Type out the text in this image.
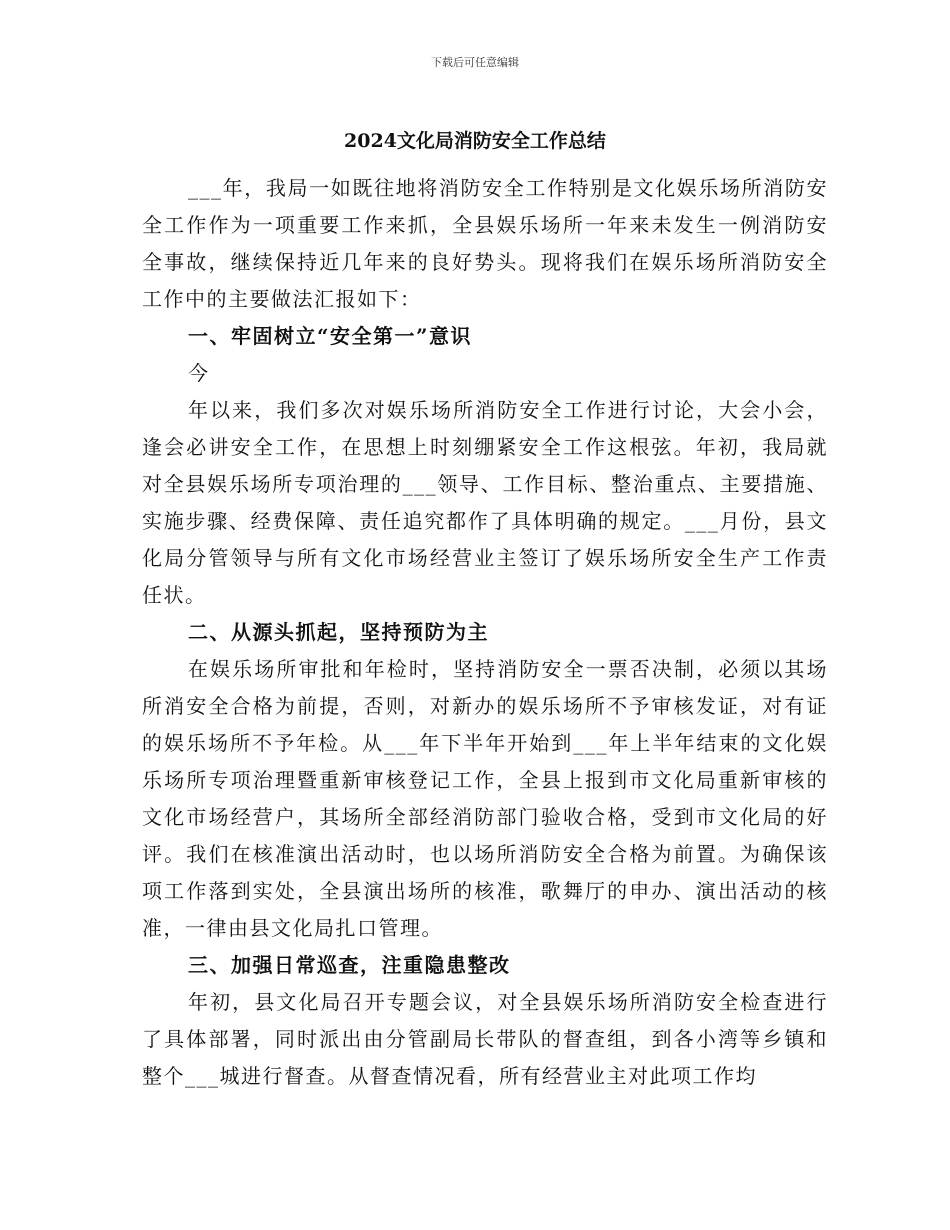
下载后可任意编辑
2024文化局消防安全工作总结

___年，我局一如既往地将消防安全工作特别是文化娱乐场所消防安全工作作为一项重要工作来抓，全县娱乐场所一年来未发生一例消防安全事故，继续保持近几年来的良好势头。现将我们在娱乐场所消防安全工作中的主要做法汇报如下：

一、牢固树立“安全第一”意识

今

年以来，我们多次对娱乐场所消防安全工作进行讨论，大会小会，逢会必讲安全工作，在思想上时刻绷紧安全工作这根弦。年初，我局就对全县娱乐场所专项治理的___领导、工作目标、整治重点、主要措施、实施步骤、经费保障、责任追究都作了具体明确的规定。___月份，县文化局分管领导与所有文化市场经营业主签订了娱乐场所安全生产工作责任状。

二、从源头抓起，坚持预防为主

在娱乐场所审批和年检时，坚持消防安全一票否决制，必须以其场所消安全合格为前提，否则，对新办的娱乐场所不予审核发证，对有证的娱乐场所不予年检。从___年下半年开始到___年上半年结束的文化娱乐场所专项治理暨重新审核登记工作，全县上报到市文化局重新审核的文化市场经营户，其场所全部经消防部门验收合格，受到市文化局的好评。我们在核准演出活动时，也以场所消防安全合格为前置。为确保该项工作落到实处，全县演出场所的核准，歌舞厅的申办、演出活动的核准，一律由县文化局扎口管理。

三、加强日常巡查，注重隐患整改

年初，县文化局召开专题会议，对全县娱乐场所消防安全检查进行了具体部署，同时派出由分管副局长带队的督查组，到各小湾等乡镇和整个___城进行督查。从督查情况看，所有经营业主对此项工作均
